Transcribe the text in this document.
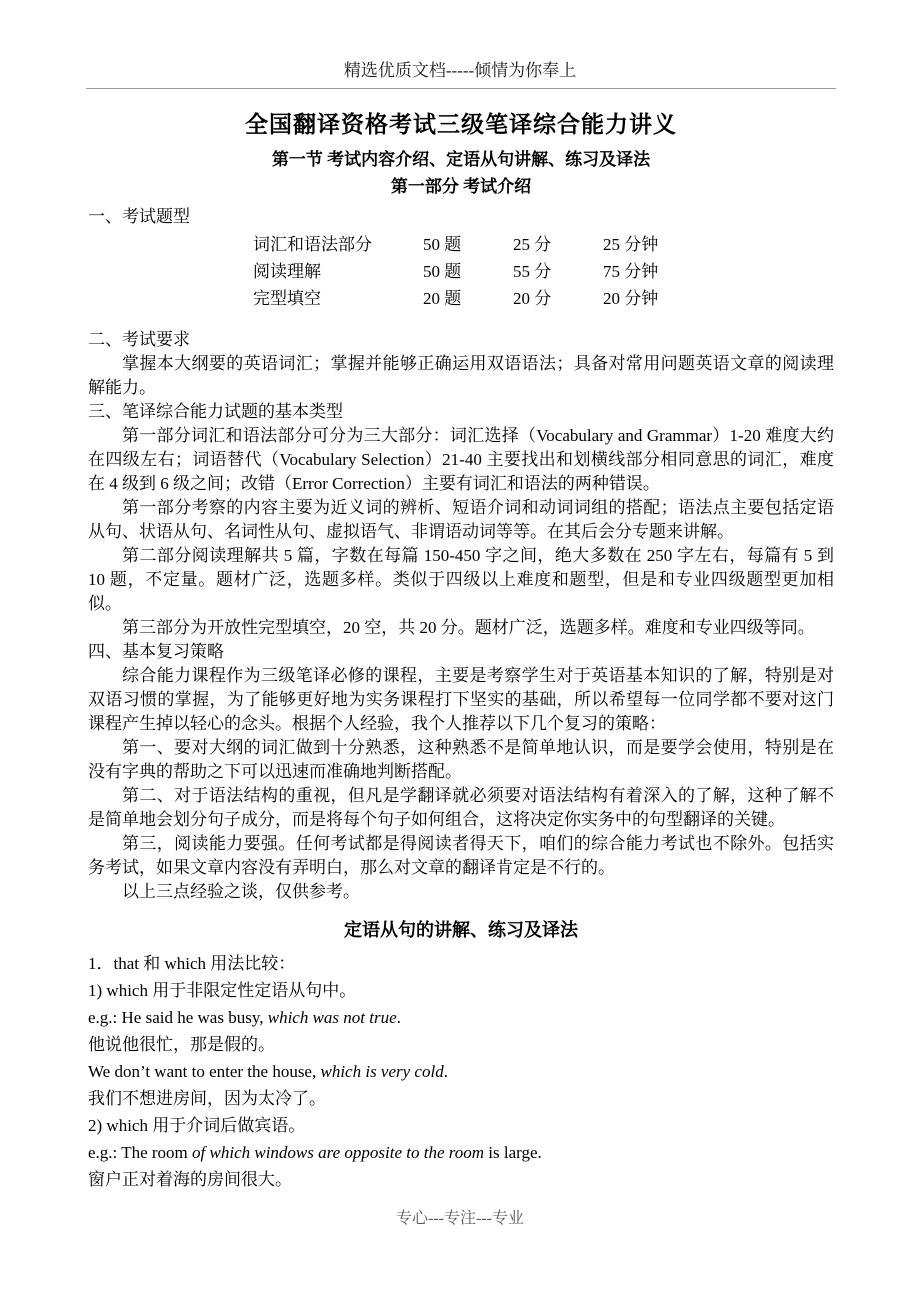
精选优质文档-----倾情为你奉上
全国翻译资格考试三级笔译综合能力讲义
第一节 考试内容介绍、定语从句讲解、练习及译法
第一部分 考试介绍

一、考试题型

词汇和语法部分	50 题	25 分	25 分钟
阅读理解	50 题	55 分	75 分钟
完型填空	20 题	20 分	20 分钟

二、考试要求

掌握本大纲要的英语词汇；掌握并能够正确运用双语语法；具备对常用问题英语文章的阅读理解能力。

三、笔译综合能力试题的基本类型

第一部分词汇和语法部分可分为三大部分：词汇选择（Vocabulary and Grammar）1-20 难度大约在四级左右；词语替代（Vocabulary Selection）21-40 主要找出和划横线部分相同意思的词汇，难度在 4 级到 6 级之间；改错（Error Correction）主要有词汇和语法的两种错误。

第一部分考察的内容主要为近义词的辨析、短语介词和动词词组的搭配；语法点主要包括定语从句、状语从句、名词性从句、虚拟语气、非谓语动词等等。在其后会分专题来讲解。

第二部分阅读理解共 5 篇，字数在每篇 150-450 字之间，绝大多数在 250 字左右，每篇有 5 到 10 题，不定量。题材广泛，选题多样。类似于四级以上难度和题型，但是和专业四级题型更加相似。

第三部分为开放性完型填空，20 空，共 20 分。题材广泛，选题多样。难度和专业四级等同。

四、基本复习策略

综合能力课程作为三级笔译必修的课程，主要是考察学生对于英语基本知识的了解，特别是对双语习惯的掌握，为了能够更好地为实务课程打下坚实的基础，所以希望每一位同学都不要对这门课程产生掉以轻心的念头。根据个人经验，我个人推荐以下几个复习的策略：

第一、要对大纲的词汇做到十分熟悉，这种熟悉不是简单地认识，而是要学会使用，特别是在没有字典的帮助之下可以迅速而准确地判断搭配。

第二、对于语法结构的重视，但凡是学翻译就必须要对语法结构有着深入的了解，这种了解不是简单地会划分句子成分，而是将每个句子如何组合，这将决定你实务中的句型翻译的关键。

第三，阅读能力要强。任何考试都是得阅读者得天下，咱们的综合能力考试也不除外。包括实务考试，如果文章内容没有弄明白，那么对文章的翻译肯定是不行的。

以上三点经验之谈，仅供参考。

定语从句的讲解、练习及译法

1．that 和 which 用法比较：

1) which 用于非限定性定语从句中。

e.g.: He said he was busy, which was not true.

他说他很忙，那是假的。

We don’t want to enter the house, which is very cold.

我们不想进房间，因为太冷了。

2) which 用于介词后做宾语。

e.g.: The room of which windows are opposite to the room is large.

窗户正对着海的房间很大。

专心---专注---专业
